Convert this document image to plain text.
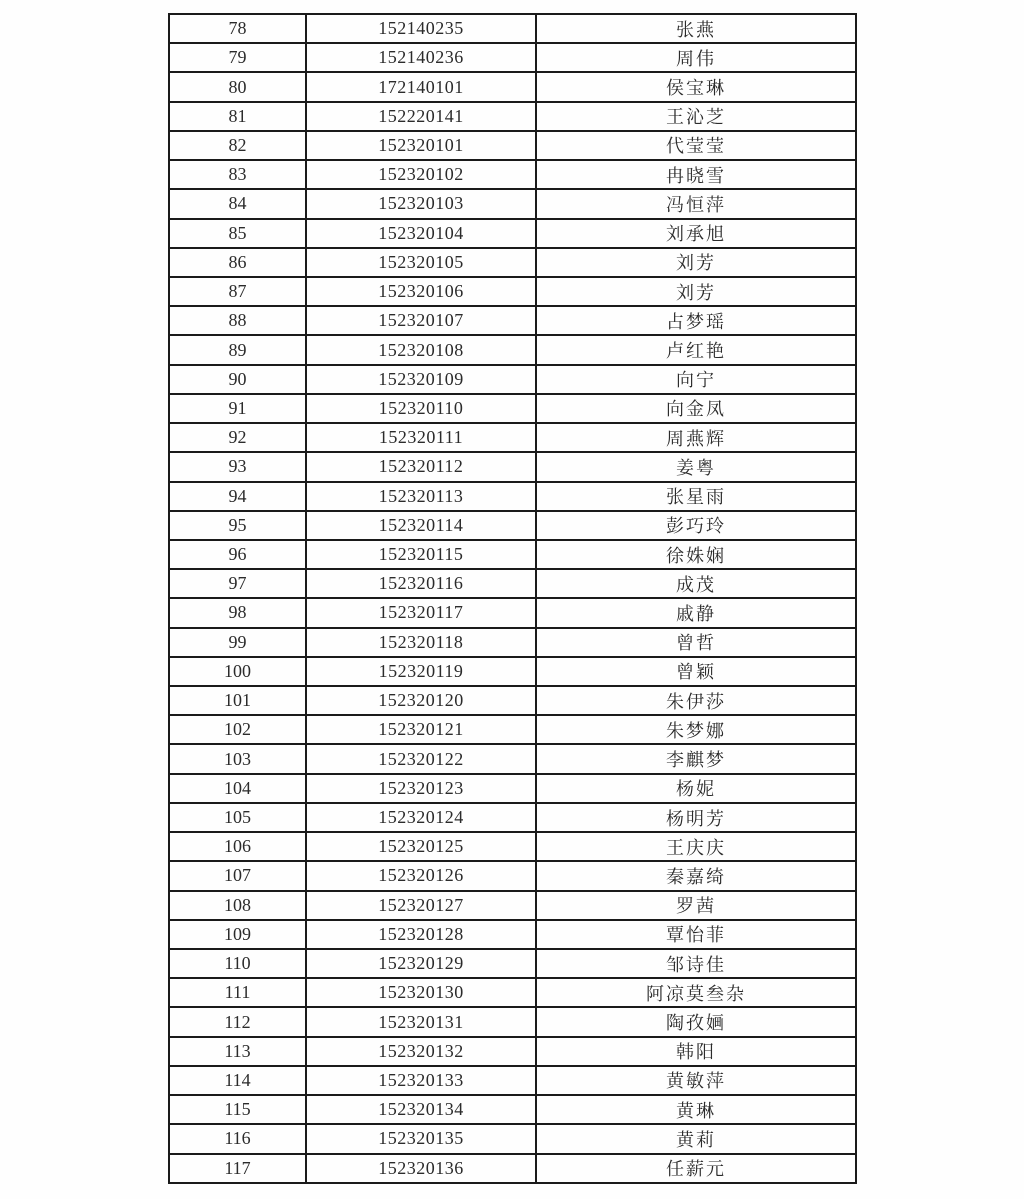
78	152140235	张燕
79	152140236	周伟
80	172140101	侯宝琳
81	152220141	王沁芝
82	152320101	代莹莹
83	152320102	冉晓雪
84	152320103	冯恒萍
85	152320104	刘承旭
86	152320105	刘芳
87	152320106	刘芳
88	152320107	占梦瑶
89	152320108	卢红艳
90	152320109	向宁
91	152320110	向金凤
92	152320111	周燕辉
93	152320112	姜粤
94	152320113	张星雨
95	152320114	彭巧玲
96	152320115	徐姝娴
97	152320116	成茂
98	152320117	戚静
99	152320118	曾哲
100	152320119	曾颖
101	152320120	朱伊莎
102	152320121	朱梦娜
103	152320122	李麒梦
104	152320123	杨妮
105	152320124	杨明芳
106	152320125	王庆庆
107	152320126	秦嘉绮
108	152320127	罗茜
109	152320128	覃怡菲
110	152320129	邹诗佳
111	152320130	阿凉莫叁杂
112	152320131	陶孜婳
113	152320132	韩阳
114	152320133	黄敏萍
115	152320134	黄琳
116	152320135	黄莉
117	152320136	任薪元
